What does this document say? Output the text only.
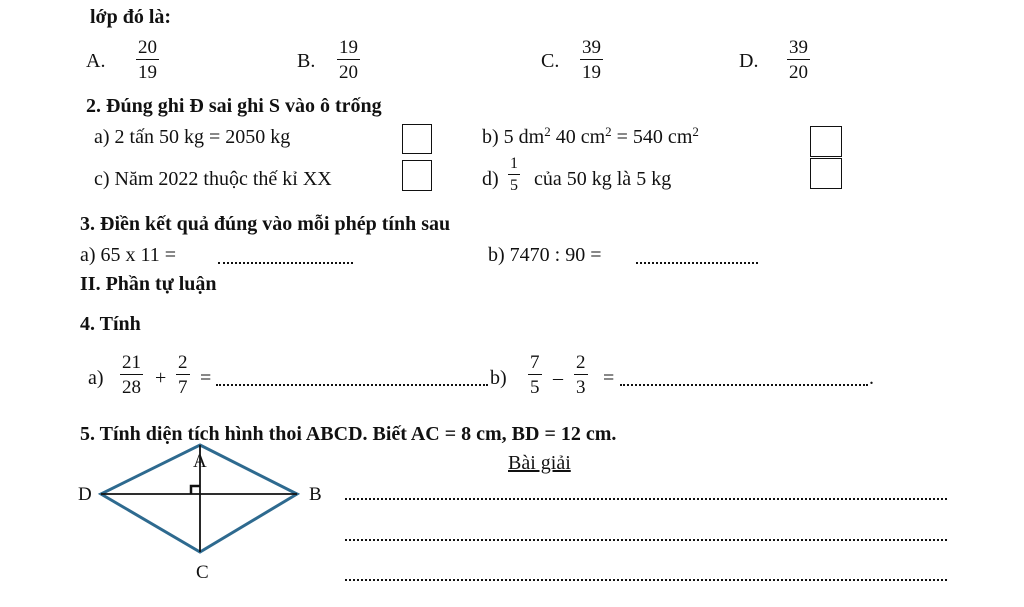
lớp đó là:
A. $\frac{20}{19}$	B. $\frac{19}{20}$	C. $\frac{39}{19}$	D. $\frac{39}{20}$
2. Đúng ghi Đ sai ghi S vào ô trống
a) 2 tấn 50 kg = 2050 kg	b) 5 $dm^2$ 40 $cm^2 = 540$ $cm^2$
c) Năm 2022 thuộc thế kỉ XX	$d) \frac{1}{5}$ của 50 kg là 5 kg
3. Điền kết quả đúng vào mỗi phép tính sau
a) 65 x 11 =	b) 7470 : 90 =
II. Phần tự luận
4. Tính
$a) \frac{21}{28} + \frac{2}{7}$ =	$b) \frac{7}{5} - \frac{2}{3}$ =	.
5. Tính diện tích hình thoi ABCD. Biết AC = 8 cm, BD = 12 cm.
A
B
C
D
Bài giải
